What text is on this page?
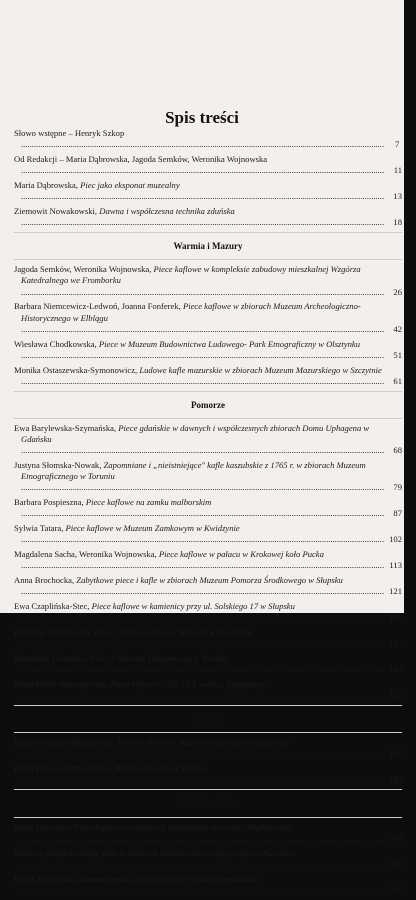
Spis treści
Słowo wstępne – Henryk Szkop ......................................................................................................................................................................... 7
Od Redakcji – Maria Dąbrowska, Jagoda Semków, Weronika Wojnowska ......................................................................................................................................................................... 11
Maria Dąbrowska, Piec jako eksponat muzealny ......................................................................................................................................................................... 13
Ziemowit Nowakowski, Dawna i współczesna technika zduńska ......................................................................................................................................................................... 18
Warmia i Mazury
Jagoda Semków, Weronika Wojnowska, Piece kaflowe w kompleksie zabudowy mieszkalnej Wzgórza Katedralnego we Fromborku ......................................................................................................................................................................... 26
Barbara Niemcewicz-Ledwoń, Joanna Fonferek, Piece kaflowe w zbiorach Muzeum Archeologiczno-Historycznego w Elblągu ......................................................................................................................................................................... 42
Wiesława Chodkowska, Piece w Muzeum Budownictwa Ludowego- Park Etnograficzny w Olsztynku ......................................................................................................................................................................... 51
Monika Ostaszewska-Symonowicz, Ludowe kafle mazurskie w zbiorach Muzeum Mazurskiego w Szczytnie ......................................................................................................................................................................... 61
Pomorze
Ewa Barylewska-Szymańska, Piece gdańskie w dawnych i współczesnych zbiorach Domu Uphagena w Gdańsku ......................................................................................................................................................................... 68
Justyna Słomska-Nowak, Zapomniane i „nieistniejące" kafle kaszubskie z 1765 r. w zbiorach Muzeum Etnograficznego w Toruniu ......................................................................................................................................................................... 79
Barbara Pospieszna, Piece kaflowe na zamku malborskim ......................................................................................................................................................................... 87
Sylwia Tatara, Piece kaflowe w Muzeum Zamkowym w Kwidzynie ......................................................................................................................................................................... 102
Magdalena Sacha, Weronika Wojnowska, Piece kaflowe w pałacu w Krokowej koło Pucka ......................................................................................................................................................................... 113
Anna Brochocka, Zabytkowe piece i kafle w zbiorach Muzeum Pomorza Środkowego w Słupsku ......................................................................................................................................................................... 121
Ewa Czaplińska-Stec, Piece kaflowe w kamienicy przy ul. Solskiego 17 w Słupsku ......................................................................................................................................................................... 131
Krystyna Rypniewska, Piece i kafle ze zbiorów Muzeum w Koszalinie ......................................................................................................................................................................... 137
Romualda Uziembło, Piece z Muzeum Okręgowego w Toruniu ......................................................................................................................................................................... 145
Beata Bielec-Maciejewska, Piece kaflowe z XIX i XX wieku z Bydgoszczy ......................................................................................................................................................................... 152
Śląsk
Elżbieta Bimler-Mackiewicz, Piece w zbiorach muzeów województwa śląskiego ......................................................................................................................................................................... 156
Beata Fekecz-Tomaszewska, Wrocławskie piece kaflowe ......................................................................................................................................................................... 185
Wielkopolska
Beata Gajewska, Piece kaflowe w obiektach muzealnych na terenie Wielkopolski ......................................................................................................................................................................... 203
Kateriny Zisopulu-Bleja, Piec w zbiorach Muzeum Archeologicznego w Poznaniu ......................................................................................................................................................................... 221
Ewa Leszczyńska, Joanna Nowak, Piece kaflowe w pałacu rogalińskim ......................................................................................................................................................................... 221
